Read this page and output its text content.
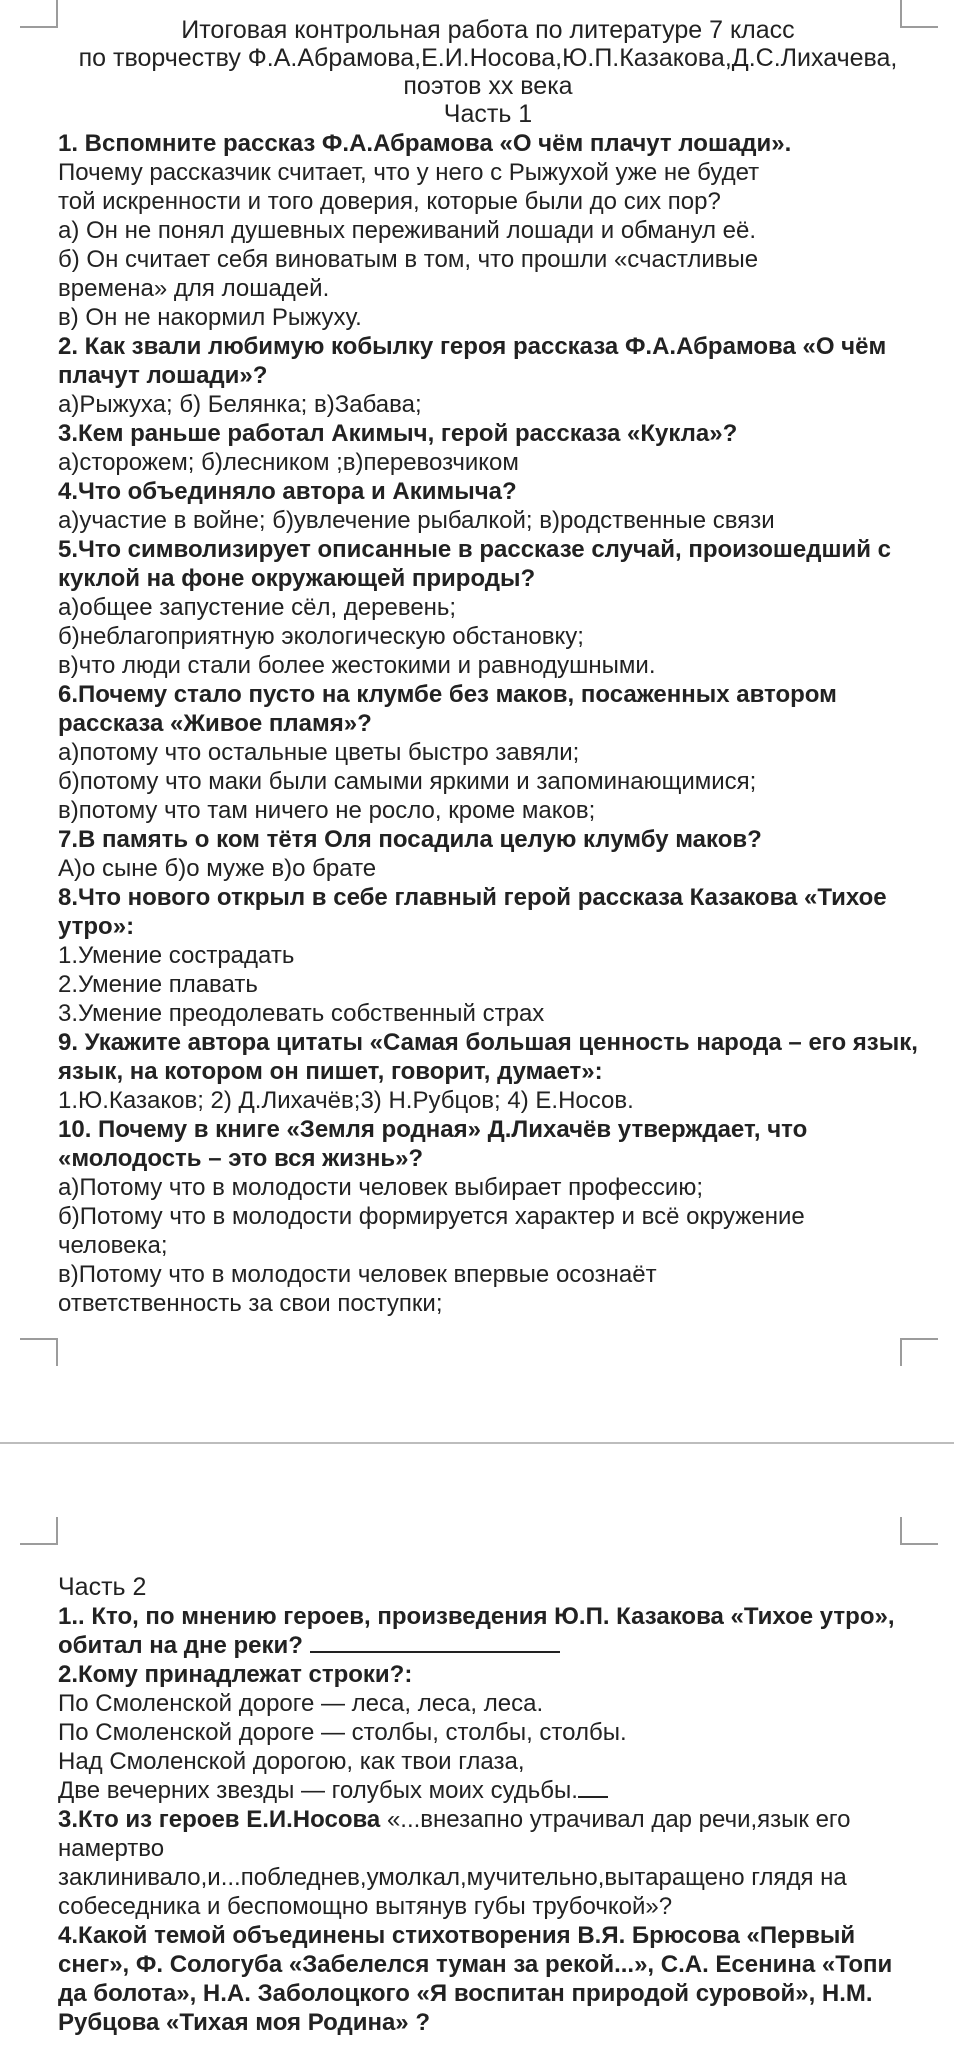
Итоговая контрольная работа по литературе 7 класс

по творчеству Ф.А.Абрамова,Е.И.Носова,Ю.П.Казакова,Д.С.Лихачева,

поэтов хх века

Часть 1

1. Вспомните рассказ Ф.А.Абрамова «О чём плачут лошади».

Почему рассказчик считает, что у него с Рыжухой уже не будет

той искренности и того доверия, которые были до сих пор?

а) Он не понял душевных переживаний лошади и обманул её.

б) Он считает себя виноватым в том, что прошли «счастливые

времена» для лошадей.

в) Он не накормил Рыжуху.

2. Как звали любимую кобылку героя рассказа Ф.А.Абрамова «О чём плачут лошади»?

а)Рыжуха; б) Белянка; в)Забава;

3.Кем раньше работал Акимыч, герой рассказа «Кукла»?

а)сторожем; б)лесником ;в)перевозчиком

4.Что объединяло автора и Акимыча?

а)участие в войне; б)увлечение рыбалкой; в)родственные связи

5.Что символизирует описанные в рассказе случай, произошедший с куклой на фоне окружающей природы?

а)общее запустение сёл, деревень;

б)неблагоприятную экологическую обстановку;

в)что люди стали более жестокими и равнодушными.

6.Почему стало пусто на клумбе без маков, посаженных автором рассказа «Живое пламя»?

а)потому что остальные цветы быстро завяли;

б)потому что маки были самыми яркими и запоминающимися;

в)потому что там ничего не росло, кроме маков;

7.В память о ком тётя Оля посадила целую клумбу маков?

А)о сыне б)о муже в)о брате

8.Что нового открыл в себе главный герой рассказа Казакова «Тихое утро»:

1.Умение сострадать

2.Умение плавать

3.Умение преодолевать собственный страх

9. Укажите автора цитаты «Самая большая ценность народа – его язык, язык, на котором он пишет, говорит, думает»:

1.Ю.Казаков; 2) Д.Лихачёв;3) Н.Рубцов; 4) Е.Носов.

10. Почему в книге «Земля родная» Д.Лихачёв утверждает, что «молодость – это вся жизнь»?

а)Потому что в молодости человек выбирает профессию;

б)Потому что в молодости формируется характер и всё окружение

человека;

в)Потому что в молодости человек впервые осознаёт

ответственность за свои поступки;

Часть 2

1.. Кто, по мнению героев, произведения Ю.П. Казакова «Тихое утро»,

обитал на дне реки?

2.Кому принадлежат строки?:

По Смоленской дороге — леса, леса, леса.

По Смоленской дороге — столбы, столбы, столбы.

Над Смоленской дорогою, как твои глаза,

Две вечерних звезды — голубых моих судьбы.

3.Кто из героев Е.И.Носова «...внезапно утрачивал дар речи,язык его

намертво

заклинивало,и...побледнев,умолкал,мучительно,вытаращено глядя на

собеседника и беспомощно вытянув губы трубочкой»?

4.Какой темой объединены стихотворения В.Я. Брюсова «Первый

снег», Ф. Сологуба «Забелелся туман за рекой...», С.А. Есенина «Топи

да болота», Н.А. Заболоцкого «Я воспитан природой суровой», Н.М.

Рубцова «Тихая моя Родина» ?
